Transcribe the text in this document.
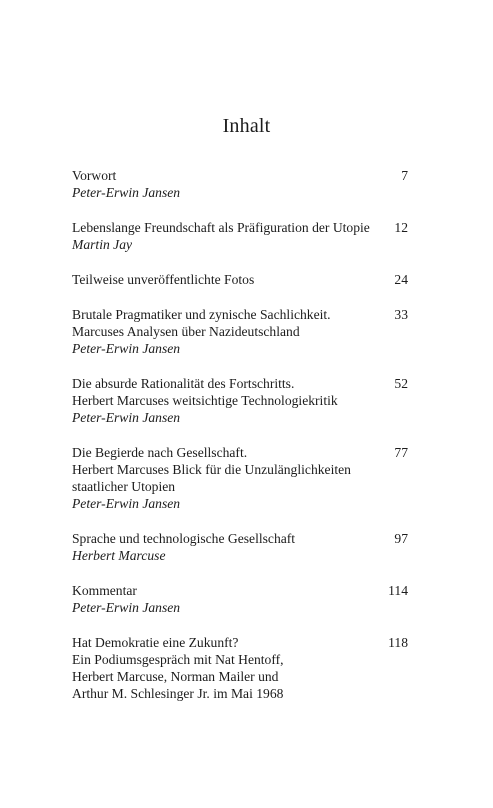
Inhalt
Vorwort
Peter-Erwin Jansen
7
Lebenslange Freundschaft als Präfiguration der Utopie
Martin Jay
12
Teilweise unveröffentlichte Fotos	24
Brutale Pragmatiker und zynische Sachlichkeit.
Marcuses Analysen über Nazideutschland
Peter-Erwin Jansen
33
Die absurde Rationalität des Fortschritts.
Herbert Marcuses weitsichtige Technologiekritik
Peter-Erwin Jansen
52
Die Begierde nach Gesellschaft.
Herbert Marcuses Blick für die Unzulänglichkeiten
staatlicher Utopien
Peter-Erwin Jansen
77
Sprache und technologische Gesellschaft
Herbert Marcuse
97
Kommentar
Peter-Erwin Jansen
114
Hat Demokratie eine Zukunft?
Ein Podiumsgespräch mit Nat Hentoff,
Herbert Marcuse, Norman Mailer und
Arthur M. Schlesinger Jr. im Mai 1968
118
